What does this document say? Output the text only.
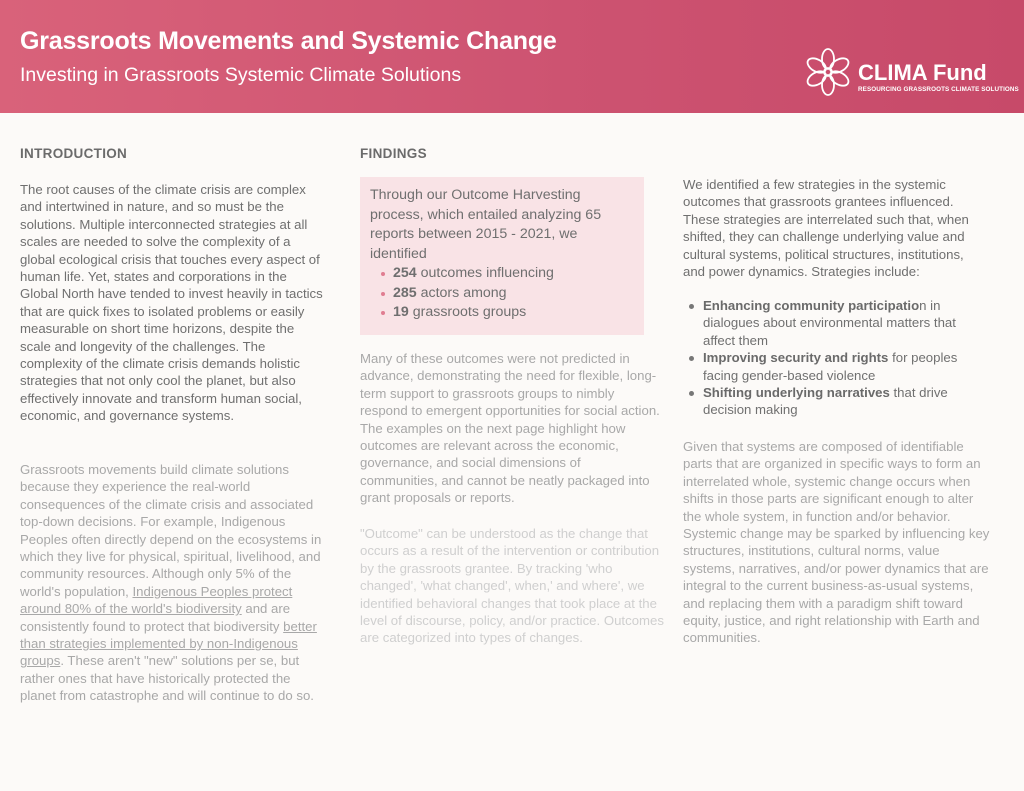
Grassroots Movements and Systemic Change
Investing in Grassroots Systemic Climate Solutions	CLIMA Fund
RESOURCING GRASSROOTS CLIMATE SOLUTIONS
INTRODUCTION

The root causes of the climate crisis are complex and intertwined in nature, and so must be the solutions. Multiple interconnected strategies at all scales are needed to solve the complexity of a global ecological crisis that touches every aspect of human life. Yet, states and corporations in the Global North have tended to invest heavily in tactics that are quick fixes to isolated problems or easily measurable on short time horizons, despite the scale and longevity of the challenges. The complexity of the climate crisis demands holistic strategies that not only cool the planet, but also effectively innovate and transform human social, economic, and governance systems.

Grassroots movements build climate solutions because they experience the real-world consequences of the climate crisis and associated top-down decisions. For example, Indigenous Peoples often directly depend on the ecosystems in which they live for physical, spiritual, livelihood, and community resources. Although only 5% of the world's population, Indigenous Peoples protect around 80% of the world's biodiversity and are consistently found to protect that biodiversity better than strategies implemented by non-Indigenous groups. These aren't "new" solutions per se, but rather ones that have historically protected the planet from catastrophe and will continue to do so.

FINDINGS

Through our Outcome Harvesting process, which entailed analyzing 65 reports between 2015 - 2021, we identified

254 outcomes influencing
285 actors among
19 grassroots groups

Many of these outcomes were not predicted in advance, demonstrating the need for flexible, long-term support to grassroots groups to nimbly respond to emergent opportunities for social action. The examples on the next page highlight how outcomes are relevant across the economic, governance, and social dimensions of communities, and cannot be neatly packaged into grant proposals or reports.

"Outcome" can be understood as the change that occurs as a result of the intervention or contribution by the grassroots grantee. By tracking 'who changed', 'what changed', when,' and where', we identified behavioral changes that took place at the level of discourse, policy, and/or practice. Outcomes are categorized into types of changes.

We identified a few strategies in the systemic outcomes that grassroots grantees influenced. These strategies are interrelated such that, when shifted, they can challenge underlying value and cultural systems, political structures, institutions, and power dynamics. Strategies include:

Enhancing community participation in dialogues about environmental matters that affect them
Improving security and rights for peoples facing gender-based violence
Shifting underlying narratives that drive decision making

Given that systems are composed of identifiable parts that are organized in specific ways to form an interrelated whole, systemic change occurs when shifts in those parts are significant enough to alter the whole system, in function and/or behavior. Systemic change may be sparked by influencing key structures, institutions, cultural norms, value systems, narratives, and/or power dynamics that are integral to the current business-as-usual systems, and replacing them with a paradigm shift toward equity, justice, and right relationship with Earth and communities.
